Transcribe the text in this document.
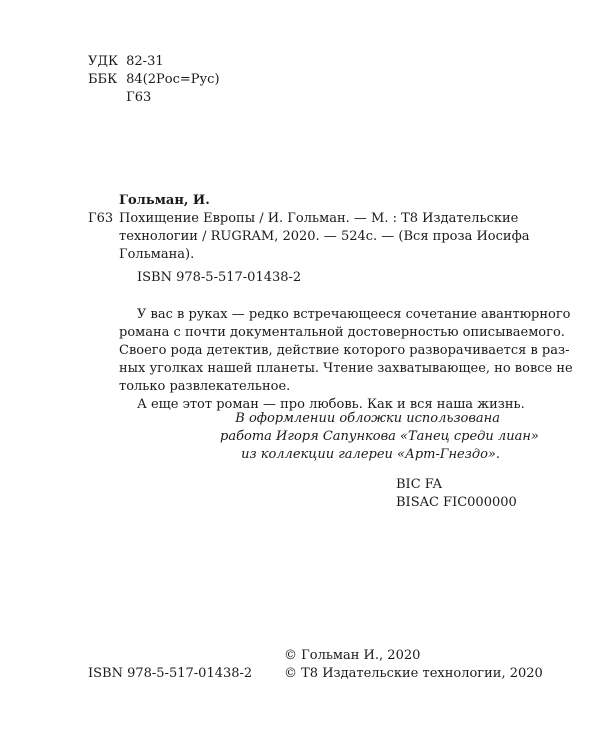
УДК 82-31
ББК 84(2Рос=Рус)
Г63
Гольман, И.
Г63 Похищение Европы / И. Гольман. — М. : Т8 Издательские
технологии / RUGRAM, 2020. — 524с. — (Вся проза Иосифа
Гольмана).
ISBN 978-5-517-01438-2
У вас в руках — редко встречающееся сочетание авантюрного
романа с почти документальной достоверностью описываемого.
Своего рода детектив, действие которого разворачивается в раз-
ных уголках нашей планеты. Чтение захватывающее, но вовсе не
только развлекательное.
А еще этот роман — про любовь. Как и вся наша жизнь.
В оформлении обложки использована
работа Игоря Сапункова «Танец среди лиан»
из коллекции галереи «Арт-Гнездо».
BIC FA
BISAC FIC000000
ISBN 978-5-517-01438-2
© Гольман И., 2020
© Т8 Издательские технологии, 2020
